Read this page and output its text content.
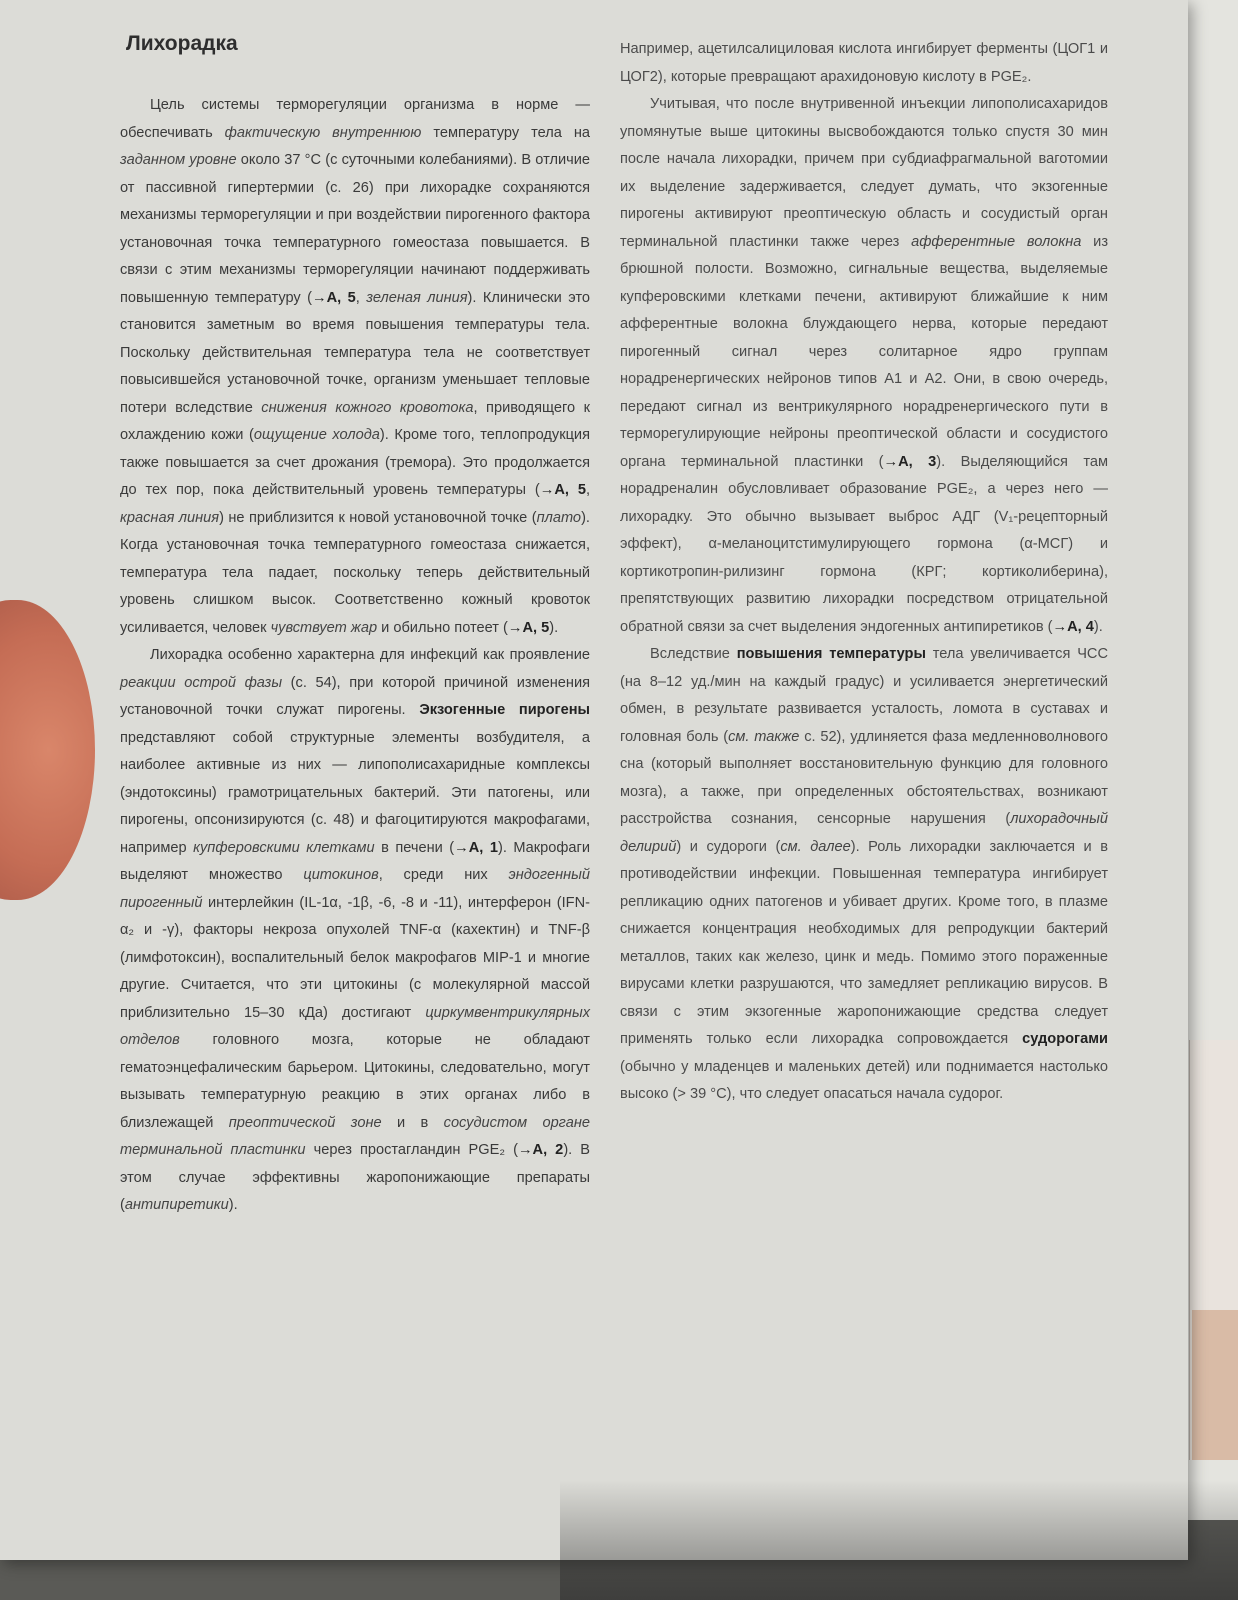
Лихорадка

Цель системы терморегуляции организма в норме — обеспечивать фактическую внутреннюю температуру тела на заданном уровне около 37 °C (с суточными колебаниями). В отличие от пассивной гипертермии (с. 26) при лихорадке сохраняются механизмы терморегуляции и при воздействии пирогенного фактора установочная точка температурного гомеостаза повышается. В связи с этим механизмы терморегуляции начинают поддерживать повышенную температуру (→A, 5, зеленая линия). Клинически это становится заметным во время повышения температуры тела. Поскольку действительная температура тела не соответствует повысившейся установочной точке, организм уменьшает тепловые потери вследствие снижения кожного кровотока, приводящего к охлаждению кожи (ощущение холода). Кроме того, теплопродукция также повышается за счет дрожания (тремора). Это продолжается до тех пор, пока действительный уровень температуры (→A, 5, красная линия) не приблизится к новой установочной точке (плато). Когда установочная точка температурного гомеостаза снижается, температура тела падает, поскольку теперь действительный уровень слишком высок. Соответственно кожный кровоток усиливается, человек чувствует жар и обильно потеет (→A, 5).

Лихорадка особенно характерна для инфекций как проявление реакции острой фазы (с. 54), при которой причиной изменения установочной точки служат пирогены. Экзогенные пирогены представляют собой структурные элементы возбудителя, а наиболее активные из них — липополисахаридные комплексы (эндотоксины) грамотрицательных бактерий. Эти патогены, или пирогены, опсонизируются (с. 48) и фагоцитируются макрофагами, например купферовскими клетками в печени (→A, 1). Макрофаги выделяют множество цитокинов, среди них эндогенный пирогенный интерлейкин (IL-1α, -1β, -6, -8 и -11), интерферон (IFN-α₂ и -γ), факторы некроза опухолей TNF-α (кахектин) и TNF-β (лимфотоксин), воспалительный белок макрофагов MIP-1 и многие другие. Считается, что эти цитокины (с молекулярной массой приблизительно 15–30 кДа) достигают циркумвентрикулярных отделов головного мозга, которые не обладают гематоэнцефалическим барьером. Цитокины, следовательно, могут вызывать температурную реакцию в этих органах либо в близлежащей преоптической зоне и в сосудистом органе терминальной пластинки через простагландин PGE₂ (→A, 2). В этом случае эффективны жаропонижающие препараты (антипиретики).

Например, ацетилсалициловая кислота ингибирует ферменты (ЦОГ1 и ЦОГ2), которые превращают арахидоновую кислоту в PGE₂.

Учитывая, что после внутривенной инъекции липополисахаридов упомянутые выше цитокины высвобождаются только спустя 30 мин после начала лихорадки, причем при субдиафрагмальной ваготомии их выделение задерживается, следует думать, что экзогенные пирогены активируют преоптическую область и сосудистый орган терминальной пластинки также через афферентные волокна из брюшной полости. Возможно, сигнальные вещества, выделяемые купферовскими клетками печени, активируют ближайшие к ним афферентные волокна блуждающего нерва, которые передают пирогенный сигнал через солитарное ядро группам норадренергических нейронов типов A1 и A2. Они, в свою очередь, передают сигнал из вентрикулярного норадренергического пути в терморегулирующие нейроны преоптической области и сосудистого органа терминальной пластинки (→A, 3). Выделяющийся там норадреналин обусловливает образование PGE₂, а через него — лихорадку. Это обычно вызывает выброс АДГ (V₁-рецепторный эффект), α-меланоцитстимулирующего гормона (α-МСГ) и кортикотропин-рилизинг гормона (КРГ; кортиколиберина), препятствующих развитию лихорадки посредством отрицательной обратной связи за счет выделения эндогенных антипиретиков (→A, 4).

Вследствие повышения температуры тела увеличивается ЧСС (на 8–12 уд./мин на каждый градус) и усиливается энергетический обмен, в результате развивается усталость, ломота в суставах и головная боль (см. также с. 52), удлиняется фаза медленноволнового сна (который выполняет восстановительную функцию для головного мозга), а также, при определенных обстоятельствах, возникают расстройства сознания, сенсорные нарушения (лихорадочный делирий) и судороги (см. далее). Роль лихорадки заключается и в противодействии инфекции. Повышенная температура ингибирует репликацию одних патогенов и убивает других. Кроме того, в плазме снижается концентрация необходимых для репродукции бактерий металлов, таких как железо, цинк и медь. Помимо этого пораженные вирусами клетки разрушаются, что замедляет репликацию вирусов. В связи с этим экзогенные жаропонижающие средства следует применять только если лихорадка сопровождается судорогами (обычно у младенцев и маленьких детей) или поднимается настолько высоко (> 39 °C), что следует опасаться начала судорог.
